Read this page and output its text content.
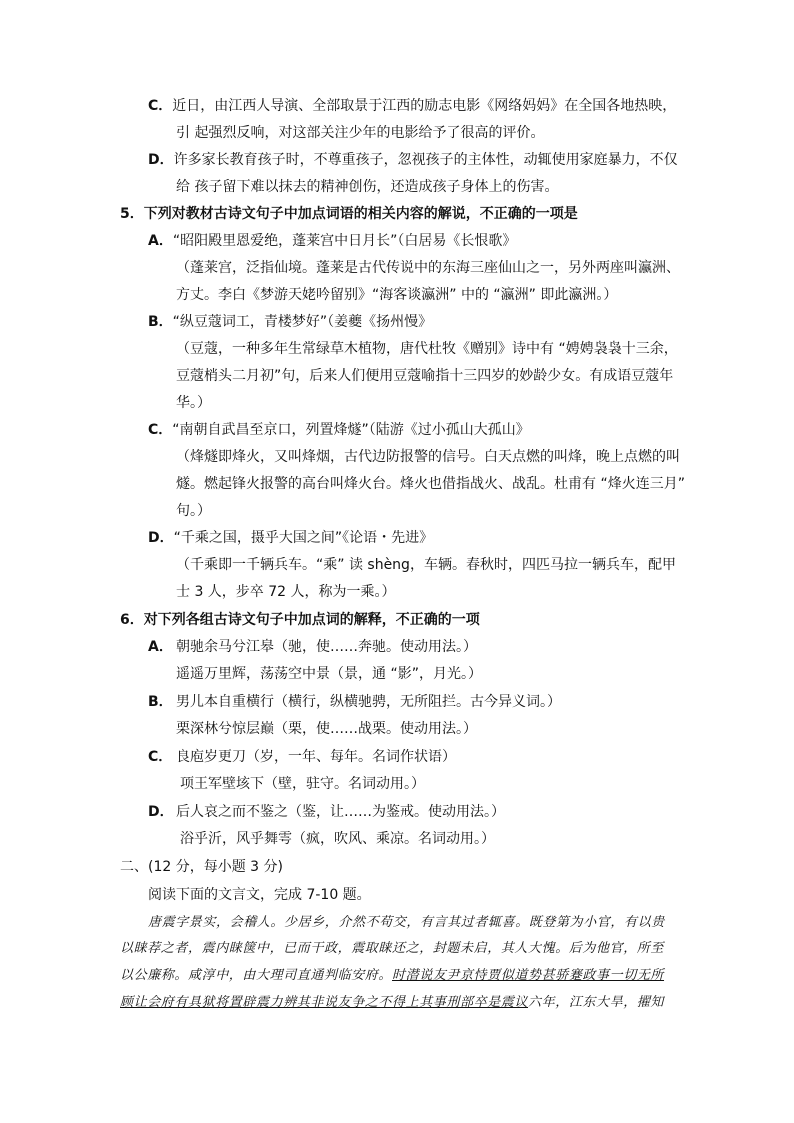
C．近日，由江西人导演、全部取景于江西的励志电影《网络妈妈》在全国各地热映，
引 起强烈反响，对这部关注少年的电影给予了很高的评价。
D．许多家长教育孩子时，不尊重孩子，忽视孩子的主体性，动辄使用家庭暴力，不仅
给 孩子留下难以抹去的精神创伤，还造成孩子身体上的伤害。
5．下列对教材古诗文句子中加点词语的相关内容的解说，不正确的一项是
A．“昭阳殿里恩爱绝，蓬莱宫中日月长”（白居易《长恨歌》
（蓬莱宫，泛指仙境。蓬莱是古代传说中的东海三座仙山之一，另外两座叫瀛洲、
方丈。李白《梦游天姥吟留别》“海客谈瀛洲” 中的 “瀛洲” 即此瀛洲。）
B．“纵豆蔻词工，青楼梦好”（姜夔《扬州慢》
（豆蔻，一种多年生常绿草木植物，唐代杜牧《赠别》诗中有 “娉娉袅袅十三余，
豆蔻梢头二月初”句，后来人们便用豆蔻喻指十三四岁的妙龄少女。有成语豆蔻年
华。）
C．“南朝自武昌至京口，列置烽燧”（陆游《过小孤山大孤山》
（烽燧即烽火，又叫烽烟，古代边防报警的信号。白天点燃的叫烽，晚上点燃的叫
燧。燃起锋火报警的高台叫烽火台。烽火也借指战火、战乱。杜甫有 “烽火连三月”
句。）
D．“千乘之国，摄乎大国之间”《论语・先进》
（千乘即一千辆兵车。“乘” 读 shèng，车辆。春秋时，四匹马拉一辆兵车，配甲
士 3 人，步卒 72 人，称为一乘。）
6．对下列各组古诗文句子中加点词的解释，不正确的一项
A． 朝驰余马兮江皋（驰，使……奔驰。使动用法。）
遥遥万里辉，荡荡空中景（景，通 “影”，月光。）
B． 男儿本自重横行（横行，纵横驰骋，无所阻拦。古今异义词。）
栗深林兮惊层巅（栗，使……战栗。使动用法。）
C． 良庖岁更刀（岁，一年、每年。名词作状语）
项王军壁垓下（壁，驻守。名词动用。）
D． 后人哀之而不鉴之（鉴，让……为鉴戒。使动用法。）
浴乎沂，风乎舞雩（疯，吹风、乘凉。名词动用。）
二、(12 分，每小题 3 分)
阅读下面的文言文，完成 7-10 题。
唐震字景实，会稽人。少居乡，介然不苟交，有言其过者辄喜。既登第为小官，有以贵
以睐荐之者，震内睐箧中，已而干政，震取睐还之，封题未启，其人大愧。后为他官，所至
以公廉称。咸淳中，由大理司直通判临安府。时潜说友尹京恃贾似道势甚骄蹇政事一切无所
顾让会府有具狱将置辟震力辨其非说友争之不得上其事刑部卒是震议六年，江东大旱，擢知
